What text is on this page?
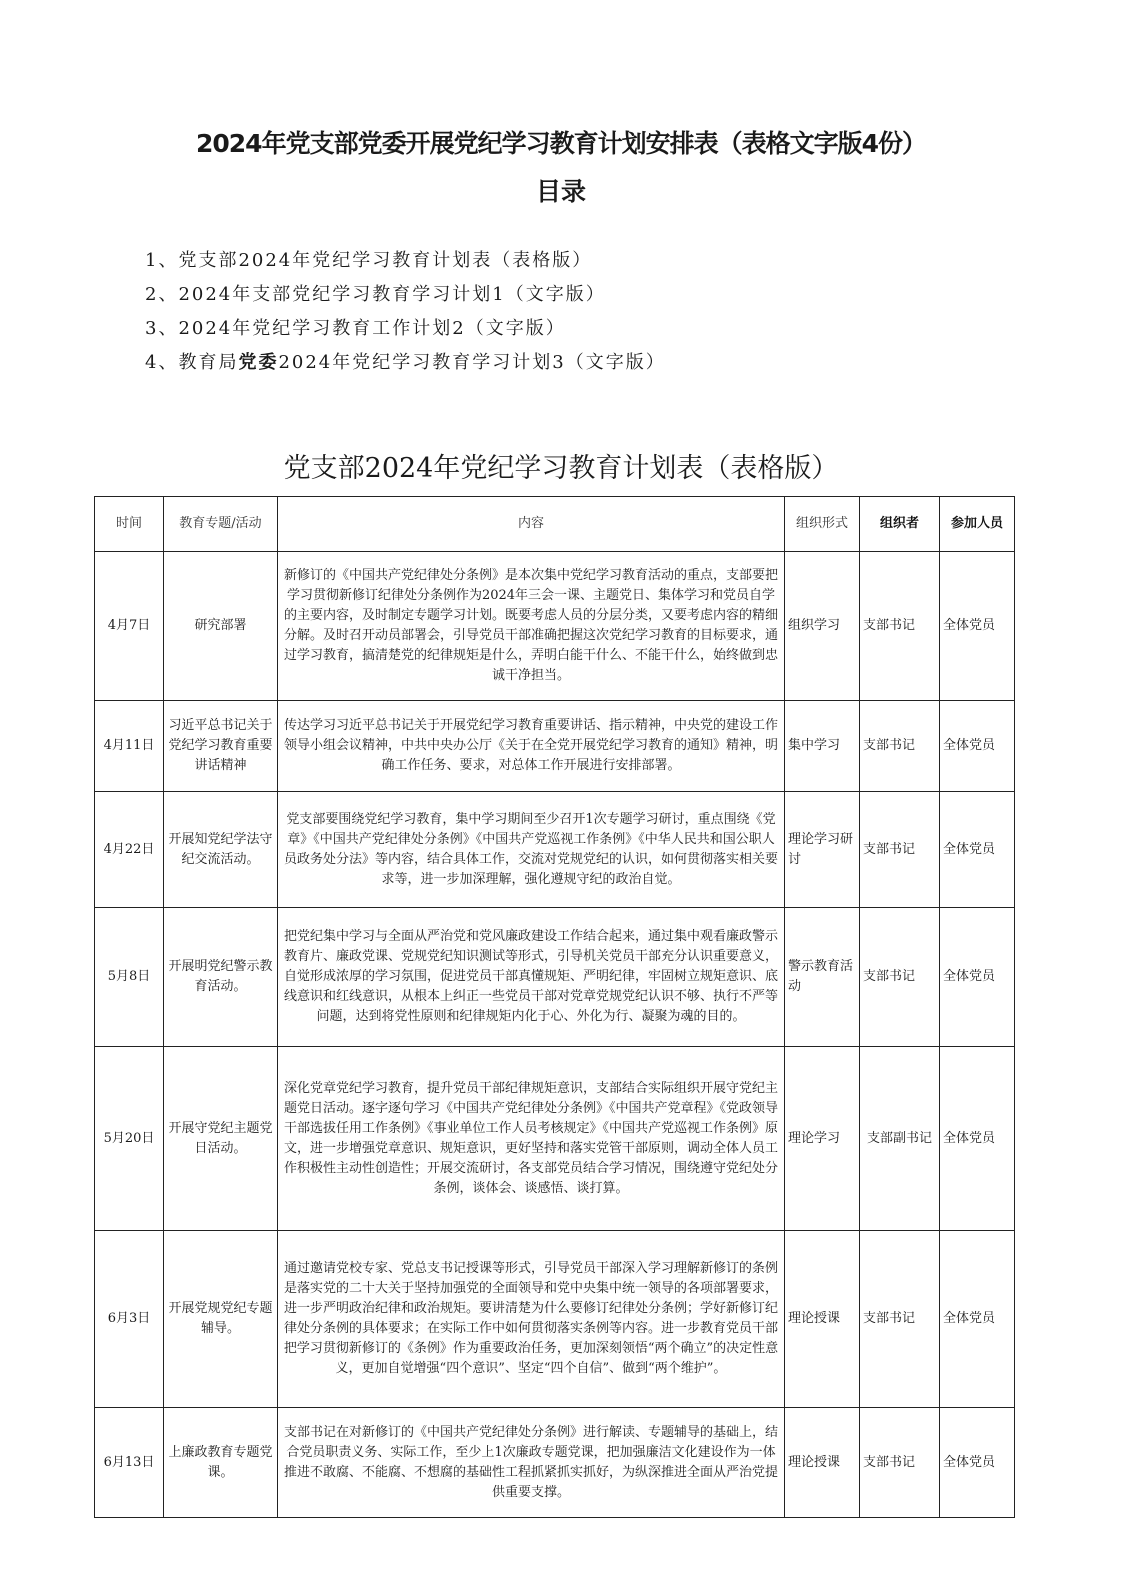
2024年党支部党委开展党纪学习教育计划安排表（表格文字版4份）
目录
1、党支部2024年党纪学习教育计划表（表格版）
2、2024年支部党纪学习教育学习计划1（文字版）
3、2024年党纪学习教育工作计划2（文字版）
4、教育局党委2024年党纪学习教育学习计划3（文字版）
党支部2024年党纪学习教育计划表（表格版）
时间	教育专题/活动	内容	组织形式	组织者	参加人员
4月7日	研究部署	新修订的《中国共产党纪律处分条例》是本次集中党纪学习教育活动的重点，支部要把学习贯彻新修订纪律处分条例作为2024年三会一课、主题党日、集体学习和党员自学的主要内容，及时制定专题学习计划。既要考虑人员的分层分类，又要考虑内容的精细分解。及时召开动员部署会，引导党员干部准确把握这次党纪学习教育的目标要求，通过学习教育，搞清楚党的纪律规矩是什么，弄明白能干什么、不能干什么，始终做到忠诚干净担当。	组织学习	支部书记	全体党员
4月11日	习近平总书记关于党纪学习教育重要讲话精神	传达学习习近平总书记关于开展党纪学习教育重要讲话、指示精神，中央党的建设工作领导小组会议精神，中共中央办公厅《关于在全党开展党纪学习教育的通知》精神，明确工作任务、要求，对总体工作开展进行安排部署。	集中学习	支部书记	全体党员
4月22日	开展知党纪学法守纪交流活动。	党支部要围绕党纪学习教育，集中学习期间至少召开1次专题学习研讨，重点围绕《党章》《中国共产党纪律处分条例》《中国共产党巡视工作条例》《中华人民共和国公职人员政务处分法》等内容，结合具体工作，交流对党规党纪的认识，如何贯彻落实相关要求等，进一步加深理解，强化遵规守纪的政治自觉。	理论学习研讨	支部书记	全体党员
5月8日	开展明党纪警示教育活动。	把党纪集中学习与全面从严治党和党风廉政建设工作结合起来，通过集中观看廉政警示教育片、廉政党课、党规党纪知识测试等形式，引导机关党员干部充分认识重要意义，自觉形成浓厚的学习氛围，促进党员干部真懂规矩、严明纪律，牢固树立规矩意识、底线意识和红线意识，从根本上纠正一些党员干部对党章党规党纪认识不够、执行不严等问题，达到将党性原则和纪律规矩内化于心、外化为行、凝聚为魂的目的。	警示教育活动	支部书记	全体党员
5月20日	开展守党纪主题党日活动。	深化党章党纪学习教育，提升党员干部纪律规矩意识，支部结合实际组织开展守党纪主题党日活动。逐字逐句学习《中国共产党纪律处分条例》《中国共产党章程》《党政领导干部选拔任用工作条例》《事业单位工作人员考核规定》《中国共产党巡视工作条例》原文，进一步增强党章意识、规矩意识，更好坚持和落实党管干部原则，调动全体人员工作积极性主动性创造性；开展交流研讨，各支部党员结合学习情况，围绕遵守党纪处分条例，谈体会、谈感悟、谈打算。	理论学习	支部副书记	全体党员
6月3日	开展党规党纪专题辅导。	通过邀请党校专家、党总支书记授课等形式，引导党员干部深入学习理解新修订的条例是落实党的二十大关于坚持加强党的全面领导和党中央集中统一领导的各项部署要求，进一步严明政治纪律和政治规矩。要讲清楚为什么要修订纪律处分条例；学好新修订纪律处分条例的具体要求；在实际工作中如何贯彻落实条例等内容。进一步教育党员干部把学习贯彻新修订的《条例》作为重要政治任务，更加深刻领悟“两个确立”的决定性意义，更加自觉增强“四个意识”、坚定“四个自信”、做到“两个维护”。	理论授课	支部书记	全体党员
6月13日	上廉政教育专题党课。	支部书记在对新修订的《中国共产党纪律处分条例》进行解读、专题辅导的基础上，结合党员职责义务、实际工作，至少上1次廉政专题党课，把加强廉洁文化建设作为一体推进不敢腐、不能腐、不想腐的基础性工程抓紧抓实抓好，为纵深推进全面从严治党提供重要支撑。	理论授课	支部书记	全体党员
